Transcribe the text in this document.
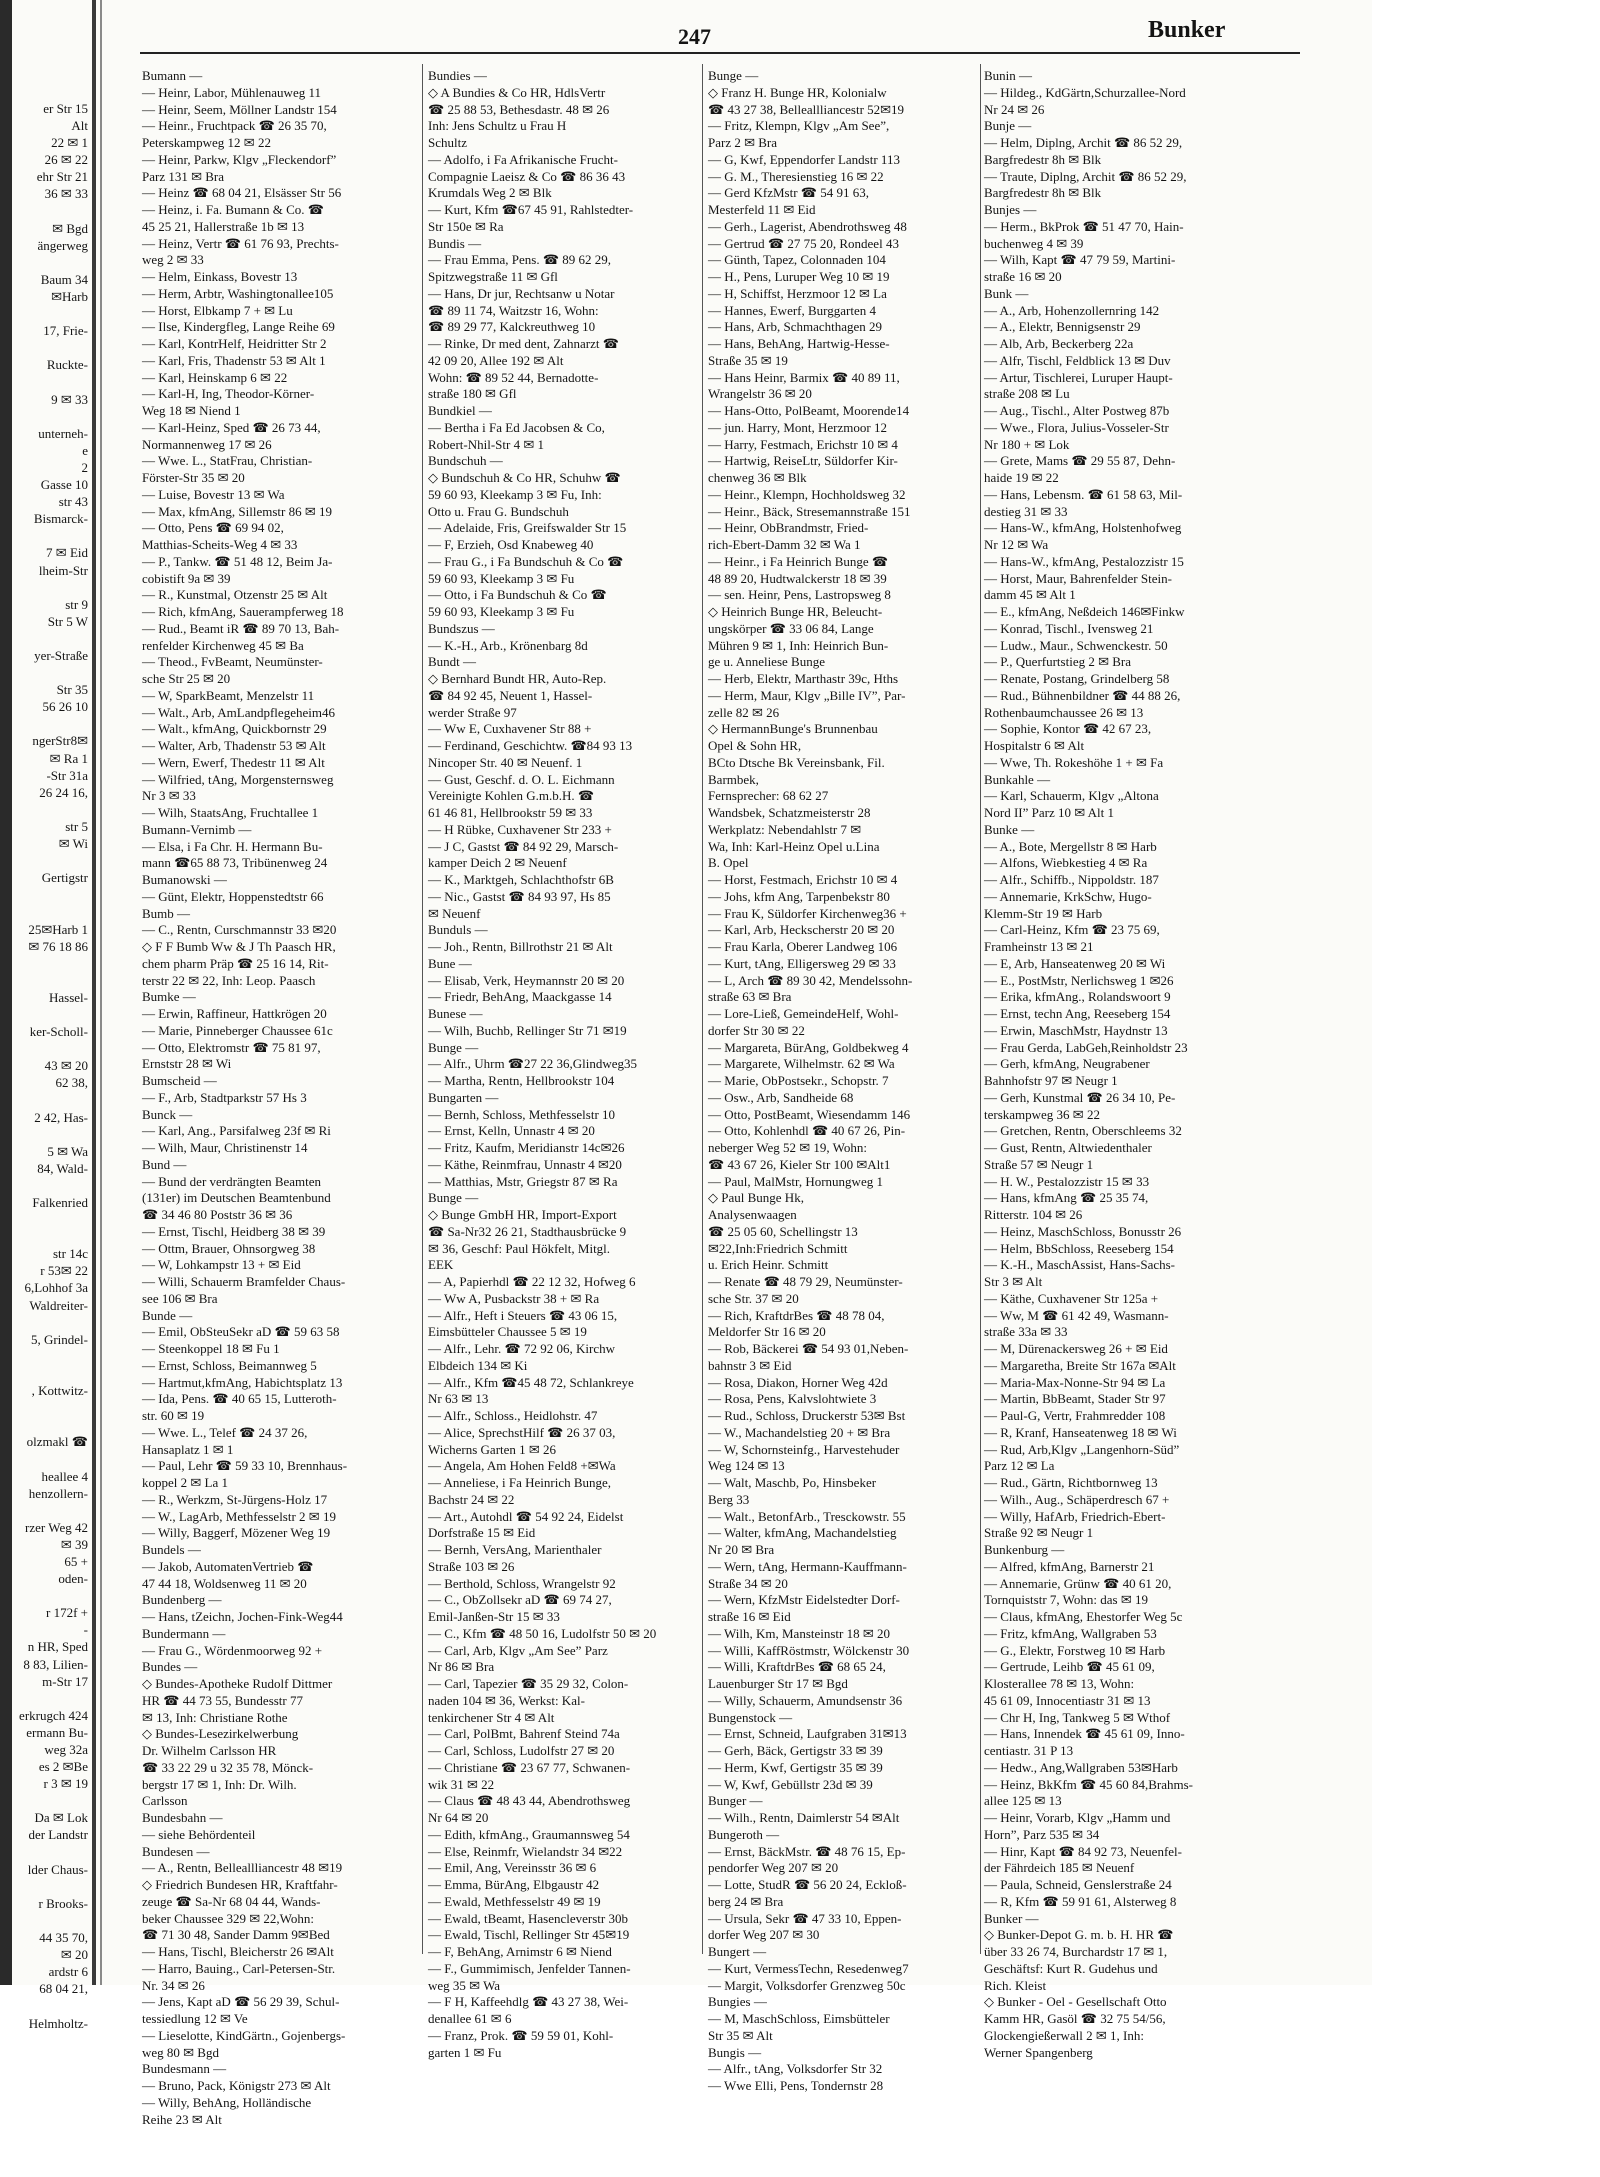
er Str 15
Alt
22 ✉ 1
26 ✉ 22
ehr Str 21
36 ✉ 33
✉ Bgd
ängerweg
Baum 34
✉Harb
17, Frie-
Ruckte-
9 ✉ 33
unterneh-
e
2
Gasse 10
str 43
Bismarck-
7 ✉ Eid
lheim-Str
str 9
Str 5 W
yer-Straße
Str 35
56 26 10
ngerStr8✉
✉ Ra 1
-Str 31a
26 24 16,
str 5
✉ Wi
Gertigstr
25✉Harb 1
✉ 76 18 86
Hassel-
ker-Scholl-
43 ✉ 20
62 38,
2 42, Has-
5 ✉ Wa
84, Wald-
Falkenried
str 14c
r 53✉ 22
6,Lohhof 3a
Waldreiter-
5, Grindel-
, Kottwitz-
olzmakl ☎
heallee 4
henzollern-
rzer Weg 42
✉ 39
65 +
oden-
r 172f +
-
n HR, Sped
8 83, Lilien-
m-Str 17
erkrugch 424
ermann Bu-
weg 32a
es 2 ✉Be
r 3 ✉ 19
Da ✉ Lok
der Landstr
lder Chaus-
r Brooks-
44 35 70,
✉ 20
ardstr 6
68 04 21,
Helmholtz-
247	Bunker
Bumann —
— Heinr, Labor, Mühlenauweg 11
— Heinr, Seem, Möllner Landstr 154
— Heinr., Fruchtpack ☎ 26 35 70,
Peterskampweg 12 ✉ 22
— Heinr, Parkw, Klgv „Fleckendorf”
Parz 131 ✉ Bra
— Heinz ☎ 68 04 21, Elsässer Str 56
— Heinz, i. Fa. Bumann & Co. ☎
45 25 21, Hallerstraße 1b ✉ 13
— Heinz, Vertr ☎ 61 76 93, Prechts-
weg 2 ✉ 33
— Helm, Einkass, Bovestr 13
— Herm, Arbtr, Washingtonallee105
— Horst, Elbkamp 7 + ✉ Lu
— Ilse, Kindergfleg, Lange Reihe 69
— Karl, KontrHelf, Heidritter Str 2
— Karl, Fris, Thadenstr 53 ✉ Alt 1
— Karl, Heinskamp 6 ✉ 22
— Karl-H, Ing, Theodor-Körner-
Weg 18 ✉ Niend 1
— Karl-Heinz, Sped ☎ 26 73 44,
Normannenweg 17 ✉ 26
— Wwe. L., StatFrau, Christian-
Förster-Str 35 ✉ 20
— Luise, Bovestr 13 ✉ Wa
— Max, kfmAng, Sillemstr 86 ✉ 19
— Otto, Pens ☎ 69 94 02,
Matthias-Scheits-Weg 4 ✉ 33
— P., Tankw. ☎ 51 48 12, Beim Ja-
cobistift 9a ✉ 39
— R., Kunstmal, Otzenstr 25 ✉ Alt
— Rich, kfmAng, Sauerampferweg 18
— Rud., Beamt iR ☎ 89 70 13, Bah-
renfelder Kirchenweg 45 ✉ Ba
— Theod., FvBeamt, Neumünster-
sche Str 25 ✉ 20
— W, SparkBeamt, Menzelstr 11
— Walt., Arb, AmLandpflegeheim46
— Walt., kfmAng, Quickbornstr 29
— Walter, Arb, Thadenstr 53 ✉ Alt
— Wern, Ewerf, Thedestr 11 ✉ Alt
— Wilfried, tAng, Morgensternsweg
Nr 3 ✉ 33
— Wilh, StaatsAng, Fruchtallee 1
Bumann-Vernimb —
— Elsa, i Fa Chr. H. Hermann Bu-
mann ☎65 88 73, Tribünenweg 24
Bumanowski —
— Günt, Elektr, Hoppenstedtstr 66
Bumb —
— C., Rentn, Curschmannstr 33 ✉20
◇ F F Bumb Ww & J Th Paasch HR,
chem pharm Präp ☎ 25 16 14, Rit-
terstr 22 ✉ 22, Inh: Leop. Paasch
Bumke —
— Erwin, Raffineur, Hattkrögen 20
— Marie, Pinneberger Chaussee 61c
— Otto, Elektromstr ☎ 75 81 97,
Ernststr 28 ✉ Wi
Bumscheid —
— F., Arb, Stadtparkstr 57 Hs 3
Bunck —
— Karl, Ang., Parsifalweg 23f ✉ Ri
— Wilh, Maur, Christinenstr 14
Bund —
— Bund der verdrängten Beamten
(131er) im Deutschen Beamtenbund
☎ 34 46 80 Poststr 36 ✉ 36
— Ernst, Tischl, Heidberg 38 ✉ 39
— Ottm, Brauer, Ohnsorgweg 38
— W, Lohkampstr 13 + ✉ Eid
— Willi, Schauerm Bramfelder Chaus-
see 106 ✉ Bra
Bunde —
— Emil, ObSteuSekr aD ☎ 59 63 58
— Steenkoppel 18 ✉ Fu 1
— Ernst, Schloss, Beimannweg 5
— Hartmut,kfmAng, Habichtsplatz 13
— Ida, Pens. ☎ 40 65 15, Lutteroth-
str. 60 ✉ 19
— Wwe. L., Telef ☎ 24 37 26,
Hansaplatz 1 ✉ 1
— Paul, Lehr ☎ 59 33 10, Brennhaus-
koppel 2 ✉ La 1
— R., Werkzm, St-Jürgens-Holz 17
— W., LagArb, Methfesselstr 2 ✉ 19
— Willy, Baggerf, Mözener Weg 19
Bundels —
— Jakob, AutomatenVertrieb ☎
47 44 18, Woldsenweg 11 ✉ 20
Bundenberg —
— Hans, tZeichn, Jochen-Fink-Weg44
Bundermann —
— Frau G., Wördenmoorweg 92 +
Bundes —
◇ Bundes-Apotheke Rudolf Dittmer
HR ☎ 44 73 55, Bundesstr 77
✉ 13, Inh: Christiane Rothe
◇ Bundes-Lesezirkelwerbung
Dr. Wilhelm Carlsson HR
☎ 33 22 29 u 32 35 78, Mönck-
bergstr 17 ✉ 1, Inh: Dr. Wilh.
Carlsson
Bundesbahn —
— siehe Behördenteil
Bundesen —
— A., Rentn, Belleallliancestr 48 ✉19
◇ Friedrich Bundesen HR, Kraftfahr-
zeuge ☎ Sa-Nr 68 04 44, Wands-
beker Chaussee 329 ✉ 22,Wohn:
☎ 71 30 48, Sander Damm 9✉Bed
— Hans, Tischl, Bleicherstr 26 ✉Alt
— Harro, Bauing., Carl-Petersen-Str.
Nr. 34 ✉ 26
— Jens, Kapt aD ☎ 56 29 39, Schul-
tessiedlung 12 ✉ Ve
— Lieselotte, KindGärtn., Gojenbergs-
weg 80 ✉ Bgd
Bundesmann —
— Bruno, Pack, Königstr 273 ✉ Alt
— Willy, BehAng, Holländische
Reihe 23 ✉ Alt
Bundies —
◇ A Bundies & Co HR, HdlsVertr
☎ 25 88 53, Bethesdastr. 48 ✉ 26
Inh: Jens Schultz u Frau H
Schultz
— Adolfo, i Fa Afrikanische Frucht-
Compagnie Laeisz & Co ☎ 86 36 43
Krumdals Weg 2 ✉ Blk
— Kurt, Kfm ☎67 45 91, Rahlstedter-
Str 150e ✉ Ra
Bundis —
— Frau Emma, Pens. ☎ 89 62 29,
Spitzwegstraße 11 ✉ Gfl
— Hans, Dr jur, Rechtsanw u Notar
☎ 89 11 74, Waitzstr 16, Wohn:
☎ 89 29 77, Kalckreuthweg 10
— Rinke, Dr med dent, Zahnarzt ☎
42 09 20, Allee 192 ✉ Alt
Wohn: ☎ 89 52 44, Bernadotte-
straße 180 ✉ Gfl
Bundkiel —
— Bertha i Fa Ed Jacobsen & Co,
Robert-Nhil-Str 4 ✉ 1
Bundschuh —
◇ Bundschuh & Co HR, Schuhw ☎
59 60 93, Kleekamp 3 ✉ Fu, Inh:
Otto u. Frau G. Bundschuh
— Adelaide, Fris, Greifswalder Str 15
— F, Erzieh, Osd Knabeweg 40
— Frau G., i Fa Bundschuh & Co ☎
59 60 93, Kleekamp 3 ✉ Fu
— Otto, i Fa Bundschuh & Co ☎
59 60 93, Kleekamp 3 ✉ Fu
Bundszus —
— K.-H., Arb., Krönenbarg 8d
Bundt —
◇ Bernhard Bundt HR, Auto-Rep.
☎ 84 92 45, Neuent 1, Hassel-
werder Straße 97
— Ww E, Cuxhavener Str 88 +
— Ferdinand, Geschichtw. ☎84 93 13
Nincoper Str. 40 ✉ Neuenf. 1
— Gust, Geschf. d. O. L. Eichmann
Vereinigte Kohlen G.m.b.H. ☎
61 46 81, Hellbrookstr 59 ✉ 33
— H Rübke, Cuxhavener Str 233 +
— J C, Gastst ☎ 84 92 29, Marsch-
kamper Deich 2 ✉ Neuenf
— K., Marktgeh, Schlachthofstr 6B
— Nic., Gastst ☎ 84 93 97, Hs 85
✉ Neuenf
Bunduls —
— Joh., Rentn, Billrothstr 21 ✉ Alt
Bune —
— Elisab, Verk, Heymannstr 20 ✉ 20
— Friedr, BehAng, Maackgasse 14
Bunese —
— Wilh, Buchb, Rellinger Str 71 ✉19
Bunge —
— Alfr., Uhrm ☎27 22 36,Glindweg35
— Martha, Rentn, Hellbrookstr 104
Bungarten —
— Bernh, Schloss, Methfesselstr 10
— Ernst, Kelln, Unnastr 4 ✉ 20
— Fritz, Kaufm, Meridianstr 14c✉26
— Käthe, Reinmfrau, Unnastr 4 ✉20
— Matthias, Mstr, Griegstr 87 ✉ Ra
Bunge —
◇ Bunge GmbH HR, Import-Export
☎ Sa-Nr32 26 21, Stadthausbrücke 9
✉ 36, Geschf: Paul Hökfelt, Mitgl.
EEK
— A, Papierhdl ☎ 22 12 32, Hofweg 6
— Ww A, Pusbackstr 38 + ✉ Ra
— Alfr., Heft i Steuers ☎ 43 06 15,
Eimsbütteler Chaussee 5 ✉ 19
— Alfr., Lehr. ☎ 72 92 06, Kirchw
Elbdeich 134 ✉ Ki
— Alfr., Kfm ☎45 48 72, Schlankreye
Nr 63 ✉ 13
— Alfr., Schloss., Heidlohstr. 47
— Alice, SprechstHilf ☎ 26 37 03,
Wicherns Garten 1 ✉ 26
— Angela, Am Hohen Feld8 +✉Wa
— Anneliese, i Fa Heinrich Bunge,
Bachstr 24 ✉ 22
— Art., Autohdl ☎ 54 92 24, Eidelst
Dorfstraße 15 ✉ Eid
— Bernh, VersAng, Marienthaler
Straße 103 ✉ 26
— Berthold, Schloss, Wrangelstr 92
— C., ObZollsekr aD ☎ 69 74 27,
Emil-Janßen-Str 15 ✉ 33
— C., Kfm ☎ 48 50 16, Ludolfstr 50 ✉ 20
— Carl, Arb, Klgv „Am See” Parz
Nr 86 ✉ Bra
— Carl, Tapezier ☎ 35 29 32, Colon-
naden 104 ✉ 36, Werkst: Kal-
tenkirchener Str 4 ✉ Alt
— Carl, PolBmt, Bahrenf Steind 74a
— Carl, Schloss, Ludolfstr 27 ✉ 20
— Christiane ☎ 23 67 77, Schwanen-
wik 31 ✉ 22
— Claus ☎ 48 43 44, Abendrothsweg
Nr 64 ✉ 20
— Edith, kfmAng., Graumannsweg 54
— Else, Reinmfr, Wielandstr 34 ✉22
— Emil, Ang, Vereinsstr 36 ✉ 6
— Emma, BürAng, Elbgaustr 42
— Ewald, Methfesselstr 49 ✉ 19
— Ewald, tBeamt, Hasencleverstr 30b
— Ewald, Tischl, Rellinger Str 45✉19
— F, BehAng, Arnimstr 6 ✉ Niend
— F., Gummimisch, Jenfelder Tannen-
weg 35 ✉ Wa
— F H, Kaffeehdlg ☎ 43 27 38, Wei-
denallee 61 ✉ 6
— Franz, Prok. ☎ 59 59 01, Kohl-
garten 1 ✉ Fu
Bunge —
◇ Franz H. Bunge HR, Kolonialw
☎ 43 27 38, Belleallliancestr 52✉19
— Fritz, Klempn, Klgv „Am See”,
Parz 2 ✉ Bra
— G, Kwf, Eppendorfer Landstr 113
— G. M., Theresienstieg 16 ✉ 22
— Gerd KfzMstr ☎ 54 91 63,
Mesterfeld 11 ✉ Eid
— Gerh., Lagerist, Abendrothsweg 48
— Gertrud ☎ 27 75 20, Rondeel 43
— Günth, Tapez, Colonnaden 104
— H., Pens, Luruper Weg 10 ✉ 19
— H, Schiffst, Herzmoor 12 ✉ La
— Hannes, Ewerf, Burggarten 4
— Hans, Arb, Schmachthagen 29
— Hans, BehAng, Hartwig-Hesse-
Straße 35 ✉ 19
— Hans Heinr, Barmix ☎ 40 89 11,
Wrangelstr 36 ✉ 20
— Hans-Otto, PolBeamt, Moorende14
— jun. Harry, Mont, Herzmoor 12
— Harry, Festmach, Erichstr 10 ✉ 4
— Hartwig, ReiseLtr, Süldorfer Kir-
chenweg 36 ✉ Blk
— Heinr., Klempn, Hochholdsweg 32
— Heinr., Bäck, Stresemannstraße 151
— Heinr, ObBrandmstr, Fried-
rich-Ebert-Damm 32 ✉ Wa 1
— Heinr., i Fa Heinrich Bunge ☎
48 89 20, Hudtwalckerstr 18 ✉ 39
— sen. Heinr, Pens, Lastropsweg 8
◇ Heinrich Bunge HR, Beleucht-
ungskörper ☎ 33 06 84, Lange
Mühren 9 ✉ 1, Inh: Heinrich Bun-
ge u. Anneliese Bunge
— Herb, Elektr, Marthastr 39c, Hths
— Herm, Maur, Klgv „Bille IV”, Par-
zelle 82 ✉ 26
◇ HermannBunge's Brunnenbau
Opel & Sohn HR,
BCto Dtsche Bk Vereinsbank, Fil.
Barmbek,
Fernsprecher: 68 62 27
Wandsbek, Schatzmeisterstr 28
Werkplatz: Nebendahlstr 7 ✉
Wa, Inh: Karl-Heinz Opel u.Lina
B. Opel
— Horst, Festmach, Erichstr 10 ✉ 4
— Johs, kfm Ang, Tarpenbekstr 80
— Frau K, Süldorfer Kirchenweg36 +
— Karl, Arb, Heckscherstr 20 ✉ 20
— Frau Karla, Oberer Landweg 106
— Kurt, tAng, Elligersweg 29 ✉ 33
— L, Arch ☎ 89 30 42, Mendelssohn-
straße 63 ✉ Bra
— Lore-Ließ, GemeindeHelf, Wohl-
dorfer Str 30 ✉ 22
— Margareta, BürAng, Goldbekweg 4
— Margarete, Wilhelmstr. 62 ✉ Wa
— Marie, ObPostsekr., Schopstr. 7
— Osw., Arb, Sandheide 68
— Otto, PostBeamt, Wiesendamm 146
— Otto, Kohlenhdl ☎ 40 67 26, Pin-
neberger Weg 52 ✉ 19, Wohn:
☎ 43 67 26, Kieler Str 100 ✉Alt1
— Paul, MalMstr, Hornungweg 1
◇ Paul Bunge Hk,
Analysenwaagen
☎ 25 05 60, Schellingstr 13
✉22,Inh:Friedrich Schmitt
u. Erich Heinr. Schmitt
— Renate ☎ 48 79 29, Neumünster-
sche Str. 37 ✉ 20
— Rich, KraftdrBes ☎ 48 78 04,
Meldorfer Str 16 ✉ 20
— Rob, Bäckerei ☎ 54 93 01,Neben-
bahnstr 3 ✉ Eid
— Rosa, Diakon, Horner Weg 42d
— Rosa, Pens, Kalvslohtwiete 3
— Rud., Schloss, Druckerstr 53✉ Bst
— W., Machandelstieg 20 + ✉ Bra
— W, Schornsteinfg., Harvestehuder
Weg 124 ✉ 13
— Walt, Maschb, Po, Hinsbeker
Berg 33
— Walt., BetonfArb., Tresckowstr. 55
— Walter, kfmAng, Machandelstieg
Nr 20 ✉ Bra
— Wern, tAng, Hermann-Kauffmann-
Straße 34 ✉ 20
— Wern, KfzMstr Eidelstedter Dorf-
straße 16 ✉ Eid
— Wilh, Km, Mansteinstr 18 ✉ 20
— Willi, KaffRöstmstr, Wölckenstr 30
— Willi, KraftdrBes ☎ 68 65 24,
Lauenburger Str 17 ✉ Bgd
— Willy, Schauerm, Amundsenstr 36
Bungenstock —
— Ernst, Schneid, Laufgraben 31✉13
— Gerh, Bäck, Gertigstr 33 ✉ 39
— Herm, Kwf, Gertigstr 35 ✉ 39
— W, Kwf, Gebüllstr 23d ✉ 39
Bunger —
— Wilh., Rentn, Daimlerstr 54 ✉Alt
Bungeroth —
— Ernst, BäckMstr. ☎ 48 76 15, Ep-
pendorfer Weg 207 ✉ 20
— Lotte, StudR ☎ 56 20 24, Eckloß-
berg 24 ✉ Bra
— Ursula, Sekr ☎ 47 33 10, Eppen-
dorfer Weg 207 ✉ 30
Bungert —
— Kurt, VermessTechn, Resedenweg7
— Margit, Volksdorfer Grenzweg 50c
Bungies —
— M, MaschSchloss, Eimsbütteler
Str 35 ✉ Alt
Bungis —
— Alfr., tAng, Volksdorfer Str 32
— Wwe Elli, Pens, Tondernstr 28
Bunin —
— Hildeg., KdGärtn,Schurzallee-Nord
Nr 24 ✉ 26
Bunje —
— Helm, Diplng, Archit ☎ 86 52 29,
Bargfredestr 8h ✉ Blk
— Traute, Diplng, Archit ☎ 86 52 29,
Bargfredestr 8h ✉ Blk
Bunjes —
— Herm., BkProk ☎ 51 47 70, Hain-
buchenweg 4 ✉ 39
— Wilh, Kapt ☎ 47 79 59, Martini-
straße 16 ✉ 20
Bunk —
— A., Arb, Hohenzollernring 142
— A., Elektr, Bennigsenstr 29
— Alb, Arb, Beckerberg 22a
— Alfr, Tischl, Feldblick 13 ✉ Duv
— Artur, Tischlerei, Luruper Haupt-
straße 208 ✉ Lu
— Aug., Tischl., Alter Postweg 87b
— Wwe., Flora, Julius-Vosseler-Str
Nr 180 + ✉ Lok
— Grete, Mams ☎ 29 55 87, Dehn-
haide 19 ✉ 22
— Hans, Lebensm. ☎ 61 58 63, Mil-
destieg 31 ✉ 33
— Hans-W., kfmAng, Holstenhofweg
Nr 12 ✉ Wa
— Hans-W., kfmAng, Pestalozzistr 15
— Horst, Maur, Bahrenfelder Stein-
damm 45 ✉ Alt 1
— E., kfmAng, Neßdeich 146✉Finkw
— Konrad, Tischl., Ivensweg 21
— Ludw., Maur., Schwenckestr. 50
— P., Querfurtstieg 2 ✉ Bra
— Renate, Postang, Grindelberg 58
— Rud., Bühnenbildner ☎ 44 88 26,
Rothenbaumchaussee 26 ✉ 13
— Sophie, Kontor ☎ 42 67 23,
Hospitalstr 6 ✉ Alt
— Wwe, Th. Rokeshöhe 1 + ✉ Fa
Bunkahle —
— Karl, Schauerm, Klgv „Altona
Nord II” Parz 10 ✉ Alt 1
Bunke —
— A., Bote, Mergellstr 8 ✉ Harb
— Alfons, Wiebkestieg 4 ✉ Ra
— Alfr., Schiffb., Nippoldstr. 187
— Annemarie, KrkSchw, Hugo-
Klemm-Str 19 ✉ Harb
— Carl-Heinz, Kfm ☎ 23 75 69,
Framheinstr 13 ✉ 21
— E, Arb, Hanseatenweg 20 ✉ Wi
— E., PostMstr, Nerlichsweg 1 ✉26
— Erika, kfmAng., Rolandswoort 9
— Ernst, techn Ang, Reeseberg 154
— Erwin, MaschMstr, Haydnstr 13
— Frau Gerda, LabGeh,Reinholdstr 23
— Gerh, kfmAng, Neugrabener
Bahnhofstr 97 ✉ Neugr 1
— Gerh, Kunstmal ☎ 26 34 10, Pe-
terskampweg 36 ✉ 22
— Gretchen, Rentn, Oberschleems 32
— Gust, Rentn, Altwiedenthaler
Straße 57 ✉ Neugr 1
— H. W., Pestalozzistr 15 ✉ 33
— Hans, kfmAng ☎ 25 35 74,
Ritterstr. 104 ✉ 26
— Heinz, MaschSchloss, Bonusstr 26
— Helm, BbSchloss, Reeseberg 154
— K.-H., MaschAssist, Hans-Sachs-
Str 3 ✉ Alt
— Käthe, Cuxhavener Str 125a +
— Ww, M ☎ 61 42 49, Wasmann-
straße 33a ✉ 33
— M, Dürenackersweg 26 + ✉ Eid
— Margaretha, Breite Str 167a ✉Alt
— Maria-Max-Nonne-Str 94 ✉ La
— Martin, BbBeamt, Stader Str 97
— Paul-G, Vertr, Frahmredder 108
— R, Kranf, Hanseatenweg 18 ✉ Wi
— Rud, Arb,Klgv „Langenhorn-Süd”
Parz 12 ✉ La
— Rud., Gärtn, Richtbornweg 13
— Wilh., Aug., Schäperdresch 67 +
— Willy, HafArb, Friedrich-Ebert-
Straße 92 ✉ Neugr 1
Bunkenburg —
— Alfred, kfmAng, Barnerstr 21
— Annemarie, Grünw ☎ 40 61 20,
Tornquiststr 7, Wohn: das ✉ 19
— Claus, kfmAng, Ehestorfer Weg 5c
— Fritz, kfmAng, Wallgraben 53
— G., Elektr, Forstweg 10 ✉ Harb
— Gertrude, Leihb ☎ 45 61 09,
Klosterallee 78 ✉ 13, Wohn:
45 61 09, Innocentiastr 31 ✉ 13
— Chr H, Ing, Tankweg 5 ✉ Wthof
— Hans, Innendek ☎ 45 61 09, Inno-
centiastr. 31 P 13
— Hedw., Ang,Wallgraben 53✉Harb
— Heinz, BkKfm ☎ 45 60 84,Brahms-
allee 125 ✉ 13
— Heinr, Vorarb, Klgv „Hamm und
Horn”, Parz 535 ✉ 34
— Hinr, Kapt ☎ 84 92 73, Neuenfel-
der Fährdeich 185 ✉ Neuenf
— Paula, Schneid, Genslerstraße 24
— R, Kfm ☎ 59 91 61, Alsterweg 8
Bunker —
◇ Bunker-Depot G. m. b. H. HR ☎
über 33 26 74, Burchardstr 17 ✉ 1,
Geschäftsf: Kurt R. Gudehus und
Rich. Kleist
◇ Bunker - Oel - Gesellschaft Otto
Kamm HR, Gasöl ☎ 32 75 54/56,
Glockengießerwall 2 ✉ 1, Inh:
Werner Spangenberg
